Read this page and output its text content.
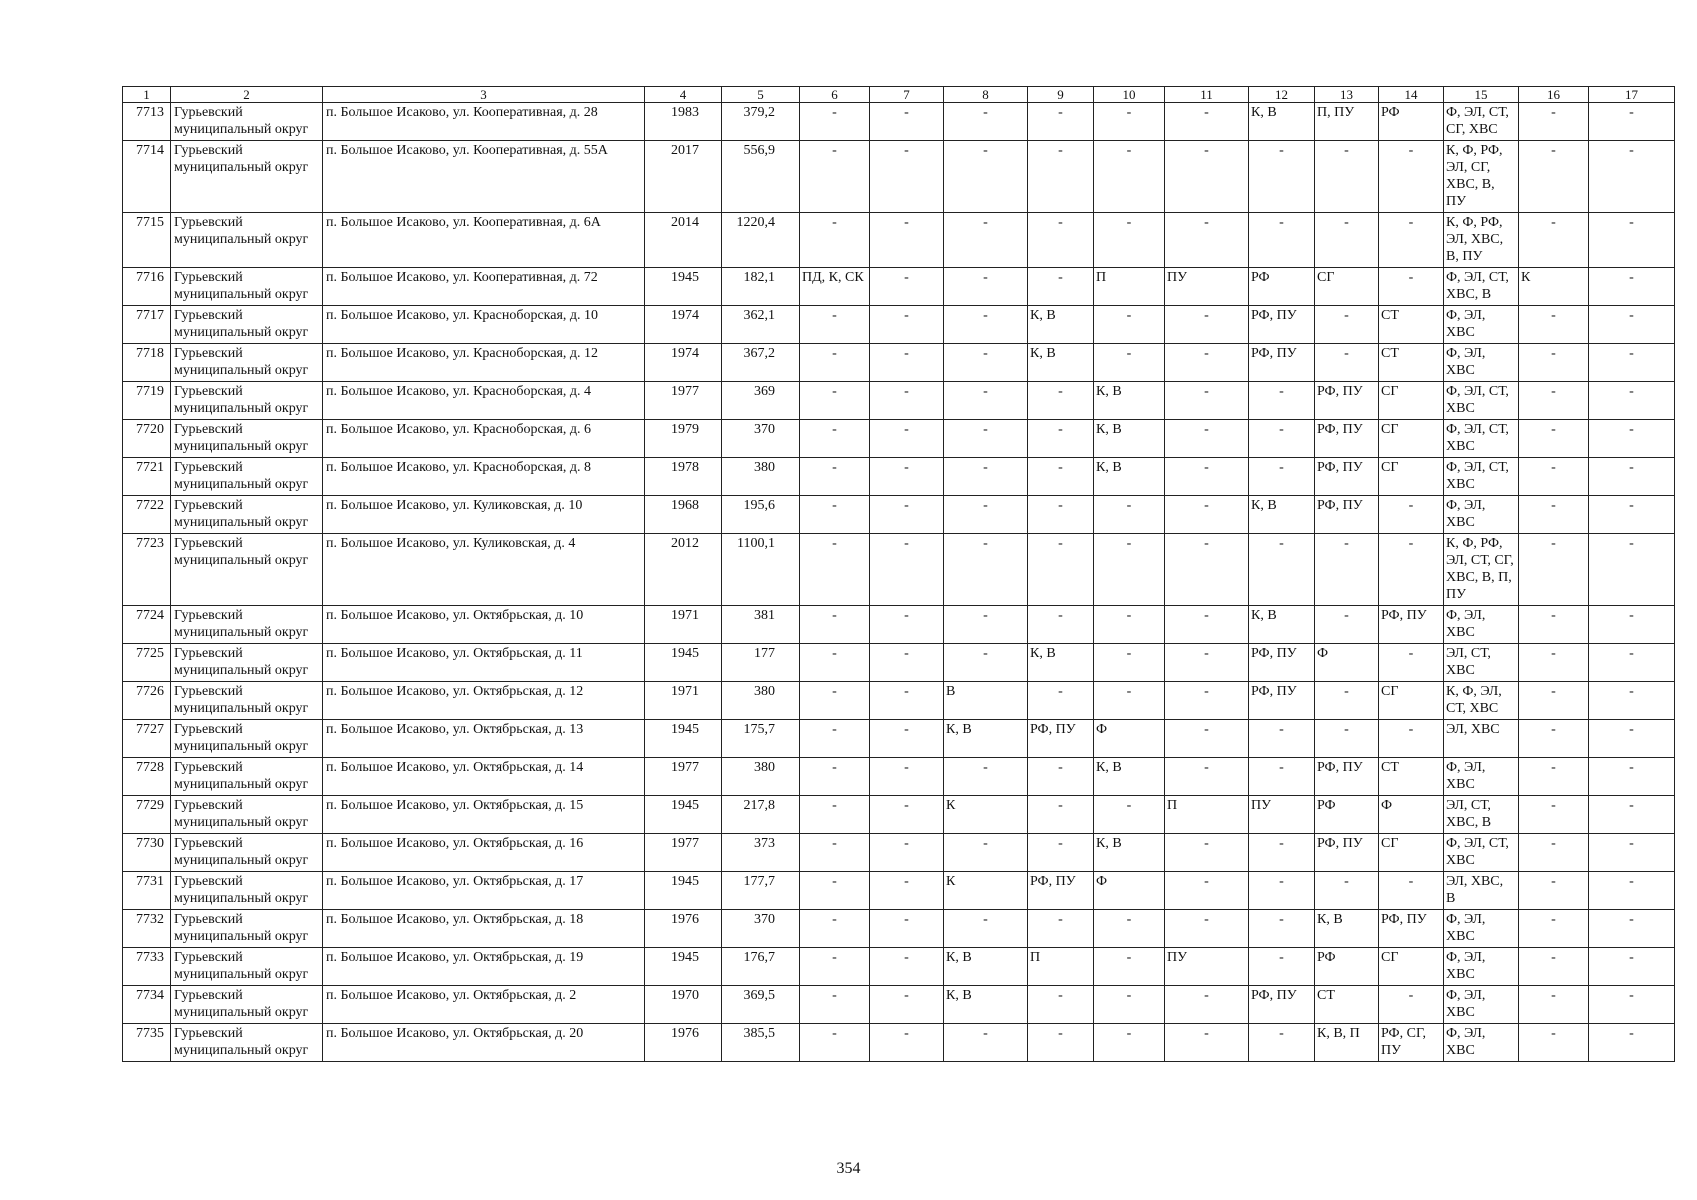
1	2	3	4	5	6	7	8	9	10	11	12	13	14	15	16	17
7713	Гурьевский муниципальный округ	п. Большое Исаково, ул. Кооперативная, д. 28	1983	379,2	-	-	-	-	-	-	К, В	П, ПУ	РФ	Ф, ЭЛ, СТ, СГ, ХВС	-	-
7714	Гурьевский муниципальный округ	п. Большое Исаково, ул. Кооперативная, д. 55А	2017	556,9	-	-	-	-	-	-	-	-	-	К, Ф, РФ, ЭЛ, СГ, ХВС, В, ПУ	-	-
7715	Гурьевский муниципальный округ	п. Большое Исаково, ул. Кооперативная, д. 6А	2014	1220,4	-	-	-	-	-	-	-	-	-	К, Ф, РФ, ЭЛ, ХВС, В, ПУ	-	-
7716	Гурьевский муниципальный округ	п. Большое Исаково, ул. Кооперативная, д. 72	1945	182,1	ПД, К, СК	-	-	-	П	ПУ	РФ	СГ	-	Ф, ЭЛ, СТ, ХВС, В	К	-
7717	Гурьевский муниципальный округ	п. Большое Исаково, ул. Красноборская, д. 10	1974	362,1	-	-	-	К, В	-	-	РФ, ПУ	-	СТ	Ф, ЭЛ, ХВС	-	-
7718	Гурьевский муниципальный округ	п. Большое Исаково, ул. Красноборская, д. 12	1974	367,2	-	-	-	К, В	-	-	РФ, ПУ	-	СТ	Ф, ЭЛ, ХВС	-	-
7719	Гурьевский муниципальный округ	п. Большое Исаково, ул. Красноборская, д. 4	1977	369	-	-	-	-	К, В	-	-	РФ, ПУ	СГ	Ф, ЭЛ, СТ, ХВС	-	-
7720	Гурьевский муниципальный округ	п. Большое Исаково, ул. Красноборская, д. 6	1979	370	-	-	-	-	К, В	-	-	РФ, ПУ	СГ	Ф, ЭЛ, СТ, ХВС	-	-
7721	Гурьевский муниципальный округ	п. Большое Исаково, ул. Красноборская, д. 8	1978	380	-	-	-	-	К, В	-	-	РФ, ПУ	СГ	Ф, ЭЛ, СТ, ХВС	-	-
7722	Гурьевский муниципальный округ	п. Большое Исаково, ул. Куликовская, д. 10	1968	195,6	-	-	-	-	-	-	К, В	РФ, ПУ	-	Ф, ЭЛ, ХВС	-	-
7723	Гурьевский муниципальный округ	п. Большое Исаково, ул. Куликовская, д. 4	2012	1100,1	-	-	-	-	-	-	-	-	-	К, Ф, РФ, ЭЛ, СТ, СГ, ХВС, В, П, ПУ	-	-
7724	Гурьевский муниципальный округ	п. Большое Исаково, ул. Октябрьская, д. 10	1971	381	-	-	-	-	-	-	К, В	-	РФ, ПУ	Ф, ЭЛ, ХВС	-	-
7725	Гурьевский муниципальный округ	п. Большое Исаково, ул. Октябрьская, д. 11	1945	177	-	-	-	К, В	-	-	РФ, ПУ	Ф	-	ЭЛ, СТ, ХВС	-	-
7726	Гурьевский муниципальный округ	п. Большое Исаково, ул. Октябрьская, д. 12	1971	380	-	-	В	-	-	-	РФ, ПУ	-	СГ	К, Ф, ЭЛ, СТ, ХВС	-	-
7727	Гурьевский муниципальный округ	п. Большое Исаково, ул. Октябрьская, д. 13	1945	175,7	-	-	К, В	РФ, ПУ	Ф	-	-	-	-	ЭЛ, ХВС	-	-
7728	Гурьевский муниципальный округ	п. Большое Исаково, ул. Октябрьская, д. 14	1977	380	-	-	-	-	К, В	-	-	РФ, ПУ	СТ	Ф, ЭЛ, ХВС	-	-
7729	Гурьевский муниципальный округ	п. Большое Исаково, ул. Октябрьская, д. 15	1945	217,8	-	-	К	-	-	П	ПУ	РФ	Ф	ЭЛ, СТ, ХВС, В	-	-
7730	Гурьевский муниципальный округ	п. Большое Исаково, ул. Октябрьская, д. 16	1977	373	-	-	-	-	К, В	-	-	РФ, ПУ	СГ	Ф, ЭЛ, СТ, ХВС	-	-
7731	Гурьевский муниципальный округ	п. Большое Исаково, ул. Октябрьская, д. 17	1945	177,7	-	-	К	РФ, ПУ	Ф	-	-	-	-	ЭЛ, ХВС, В	-	-
7732	Гурьевский муниципальный округ	п. Большое Исаково, ул. Октябрьская, д. 18	1976	370	-	-	-	-	-	-	-	К, В	РФ, ПУ	Ф, ЭЛ, ХВС	-	-
7733	Гурьевский муниципальный округ	п. Большое Исаково, ул. Октябрьская, д. 19	1945	176,7	-	-	К, В	П	-	ПУ	-	РФ	СГ	Ф, ЭЛ, ХВС	-	-
7734	Гурьевский муниципальный округ	п. Большое Исаково, ул. Октябрьская, д. 2	1970	369,5	-	-	К, В	-	-	-	РФ, ПУ	СТ	-	Ф, ЭЛ, ХВС	-	-
7735	Гурьевский муниципальный округ	п. Большое Исаково, ул. Октябрьская, д. 20	1976	385,5	-	-	-	-	-	-	-	К, В, П	РФ, СГ, ПУ	Ф, ЭЛ, ХВС	-	-
354
